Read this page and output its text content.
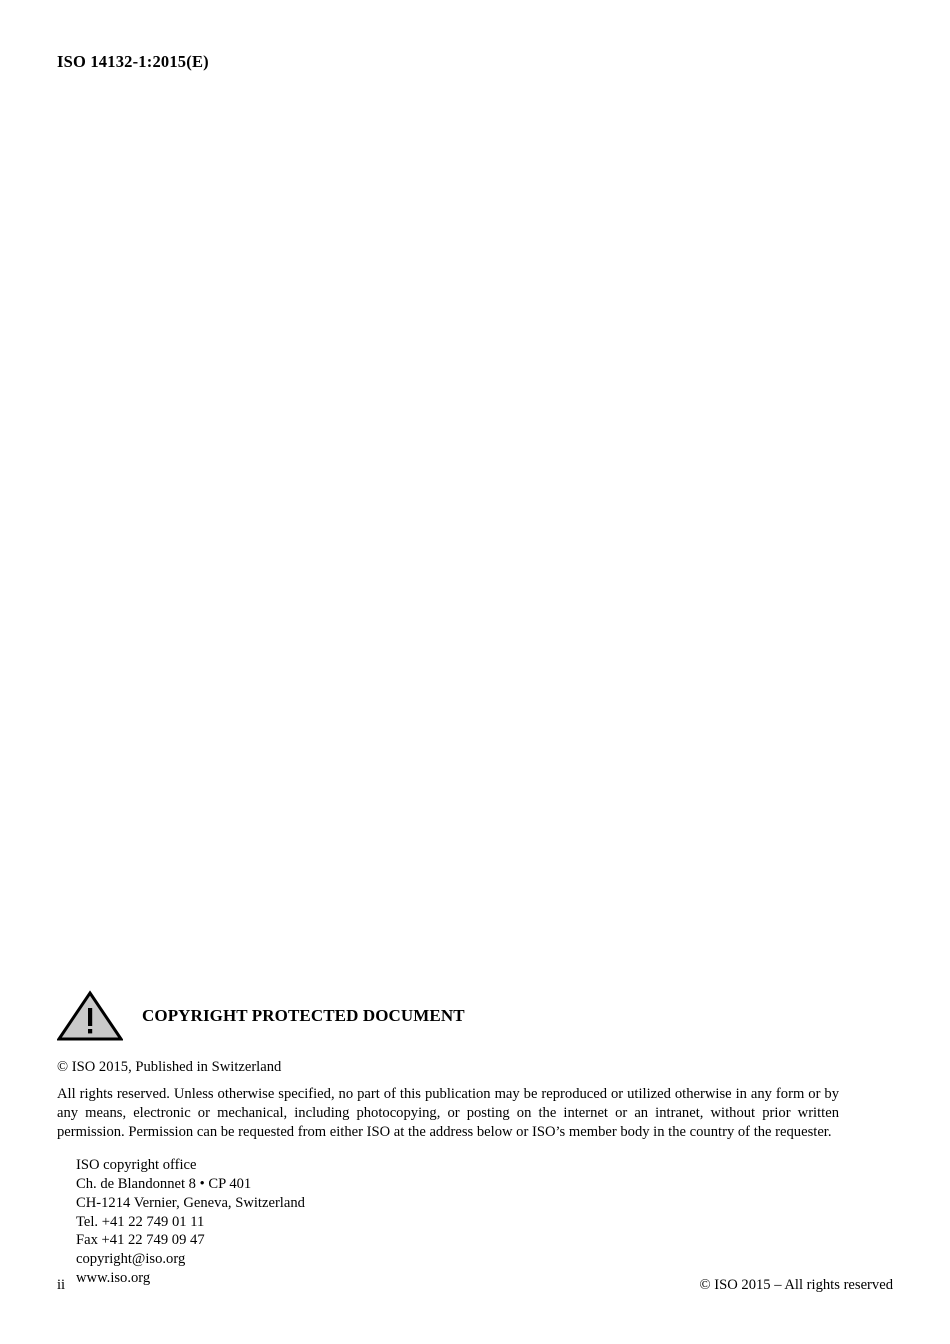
ISO 14132-1:2015(E)
COPYRIGHT PROTECTED DOCUMENT
© ISO 2015, Published in Switzerland
All rights reserved. Unless otherwise specified, no part of this publication may be reproduced or utilized otherwise in any form or by any means, electronic or mechanical, including photocopying, or posting on the internet or an intranet, without prior written permission. Permission can be requested from either ISO at the address below or ISO’s member body in the country of the requester.
ISO copyright office
Ch. de Blandonnet 8 • CP 401
CH-1214 Vernier, Geneva, Switzerland
Tel. +41 22 749 01 11
Fax +41 22 749 09 47
copyright@iso.org
www.iso.org
ii	© ISO 2015 – All rights reserved
